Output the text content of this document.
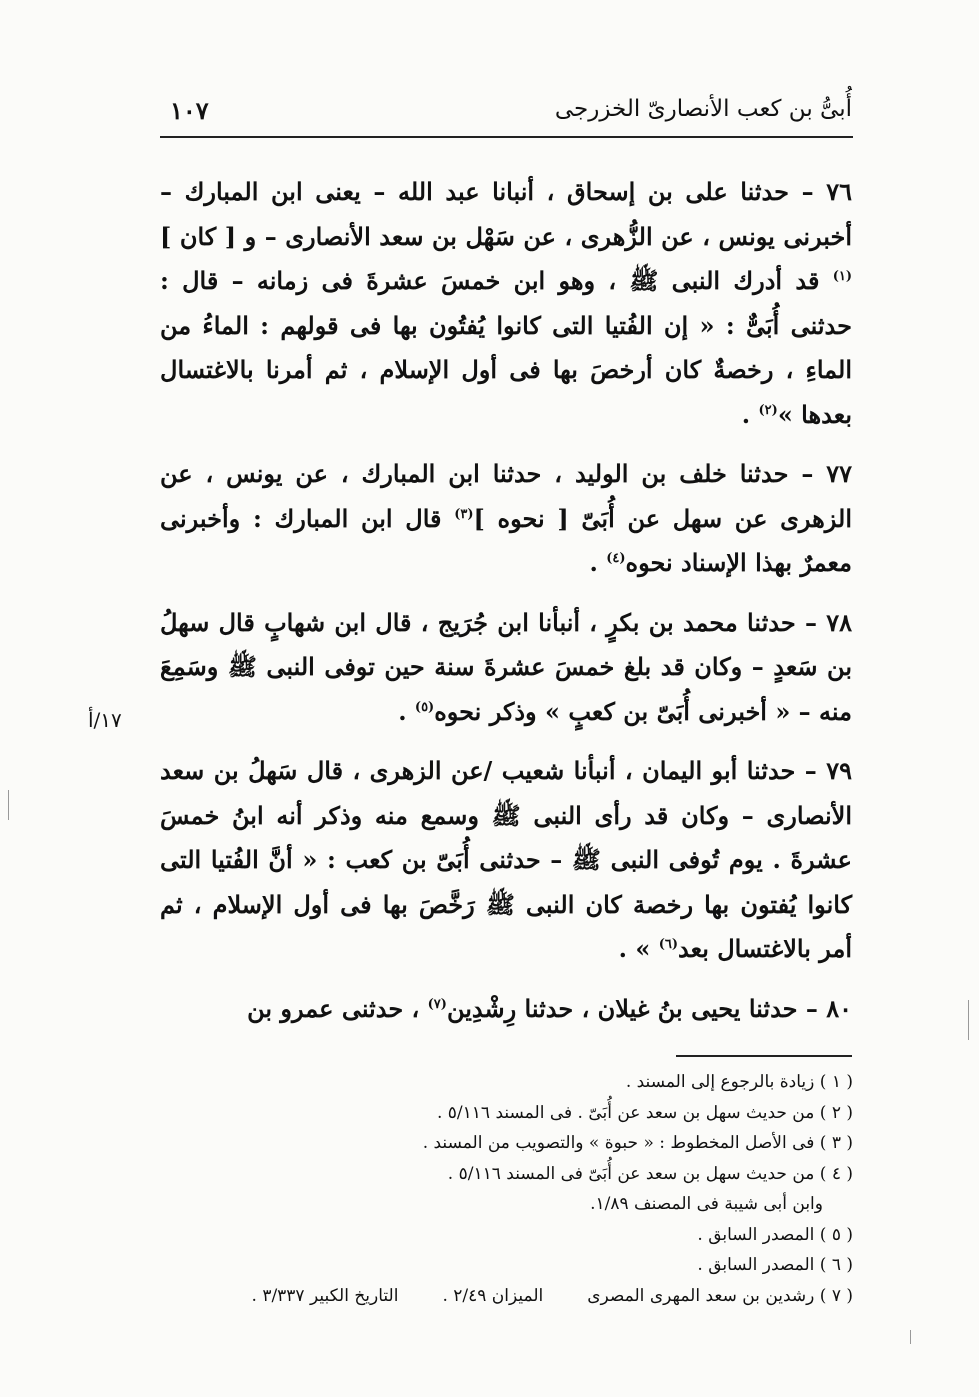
أُبىُّ بن كعب الأنصارىّ الخزرجى
١٠٧
١٧/أ

٧٦ – حدثنا على بن إسحاق ، أنبانا عبد الله – يعنى ابن المبارك – أخبرنى يونس ، عن الزُّهرى ، عن سَهْل بن سعد الأنصارى – و [ كان ]$^{(١)}$ قد أدرك النبى ﷺ ، وهو ابن خمسَ عشرةَ فى زمانه – قال : حدثنى أُبَىٌّ : « إن الفُتيا التى كانوا يُفتُون بها فى قولهم : الماءُ من الماءِ ، رخصةٌ كان أرخصَ بها فى أول الإسلام ، ثم أمرنا بالاغتسال بعدها »$^{(٢)}$ .

٧٧ – حدثنا خلف بن الوليد ، حدثنا ابن المبارك ، عن يونس ، عن الزهرى عن سهل عن أُبَىّ [ نحوه ]$^{(٣)}$ قال ابن المبارك : وأخبرنى معمرٌ بهذا الإسناد نحوه$^{(٤)}$ .

٧٨ – حدثنا محمد بن بكرٍ ، أنبأنا ابن جُرَيج ، قال ابن شهابٍ قال سهلُ بن سَعدٍ – وكان قد بلغ خمسَ عشرةَ سنة حين توفى النبى ﷺ وسَمِعَ منه – « أخبرنى أُبَىّ بن كعبٍ » وذكر نحوه$^{(٥)}$ .

٧٩ – حدثنا أبو اليمان ، أنبأنا شعيب /عن الزهرى ، قال سَهلُ بن سعد الأنصارى – وكان قد رأى النبى ﷺ وسمع منه وذكر أنه ابنُ خمسَ عشرةَ . يوم تُوفى النبى ﷺ – حدثنى أُبَىّ بن كعب : « أنَّ الفُتيا التى كانوا يُفتون بها رخصة كان النبى ﷺ رَخَّصَ بها فى أول الإسلام ، ثم أمر بالاغتسال بعد$^{(٦)}$ » .

٨٠ – حدثنا يحيى بنُ غيلان ، حدثنا رِشْدِين$^{(٧)}$ ، حدثنى عمرو بن

( ١ ) زيادة بالرجوع إلى المسند .

( ٢ ) من حديث سهل بن سعد عن أُبَىّ . فى المسند ٥/١١٦ .

( ٣ ) فى الأصل المخطوط : « حبوة » والتصويب من المسند .

( ٤ ) من حديث سهل بن سعد عن أُبَىّ فى المسند ٥/١١٦ .

وابن أبى شيبة فى المصنف ١/٨٩.

( ٥ ) المصدر السابق .

( ٦ ) المصدر السابق .

( ٧ ) رشدين بن سعد المهرى المصرىالميزان ٢/٤٩ .التاريخ الكبير ٣/٣٣٧ .
